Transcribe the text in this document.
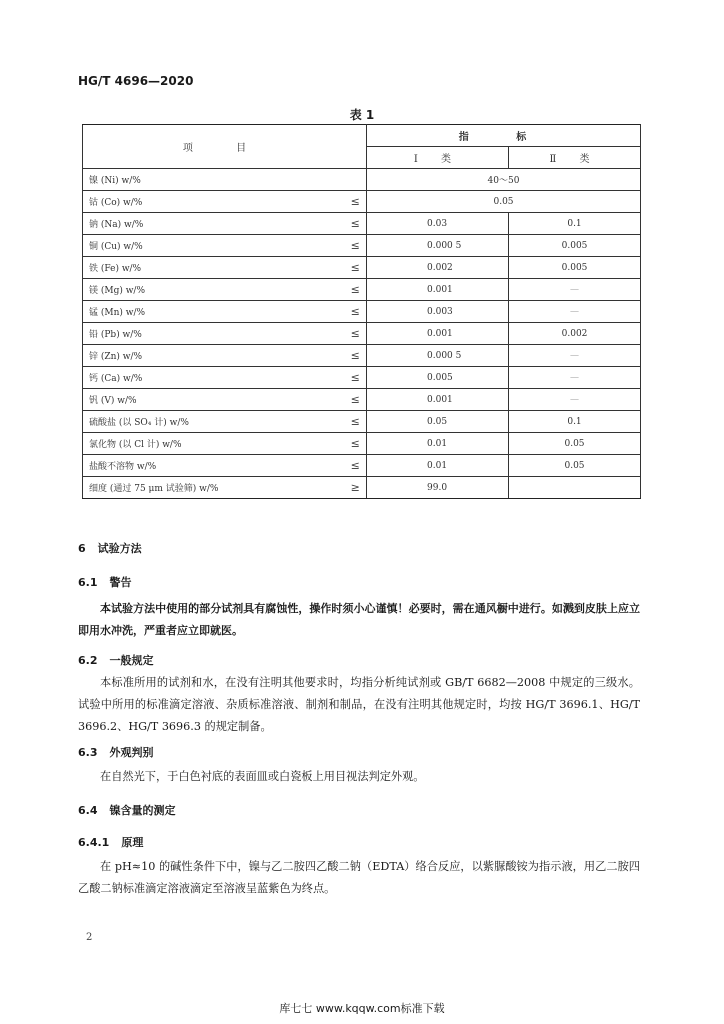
HG/T 4696—2020
表 1
项 目		指 标	
		Ⅰ 类	Ⅱ 类
镍 (Ni) w/%		40～50	
钴 (Co) w/%	≤	0.05	
钠 (Na) w/%	≤	0.03	0.1
铜 (Cu) w/%	≤	0.000 5	0.005
铁 (Fe) w/%	≤	0.002	0.005
镁 (Mg) w/%	≤	0.001	—
锰 (Mn) w/%	≤	0.003	—
铅 (Pb) w/%	≤	0.001	0.002
锌 (Zn) w/%	≤	0.000 5	—
钙 (Ca) w/%	≤	0.005	—
钒 (V) w/%	≤	0.001	—
硫酸盐 (以 SO₄ 计) w/%	≤	0.05	0.1
氯化物 (以 Cl 计) w/%	≤	0.01	0.05
盐酸不溶物 w/%	≤	0.01	0.05
细度 (通过 75 μm 试验筛) w/%	≥	99.0	
6 试验方法
6.1 警告
本试验方法中使用的部分试剂具有腐蚀性，操作时须小心谨慎！必要时，需在通风橱中进行。如溅到皮肤上应立即用水冲洗，严重者应立即就医。
6.2 一般规定
本标准所用的试剂和水，在没有注明其他要求时，均指分析纯试剂或 GB/T 6682—2008 中规定的三级水。试验中所用的标准滴定溶液、杂质标准溶液、制剂和制品，在没有注明其他规定时，均按 HG/T 3696.1、HG/T 3696.2、HG/T 3696.3 的规定制备。
6.3 外观判别
在自然光下，于白色衬底的表面皿或白瓷板上用目视法判定外观。
6.4 镍含量的测定
6.4.1 原理
在 pH≈10 的碱性条件下中，镍与乙二胺四乙酸二钠（EDTA）络合反应，以紫脲酸铵为指示液，用乙二胺四乙酸二钠标准滴定溶液滴定至溶液呈蓝紫色为终点。
2
库七七 www.kqqw.com标准下载
